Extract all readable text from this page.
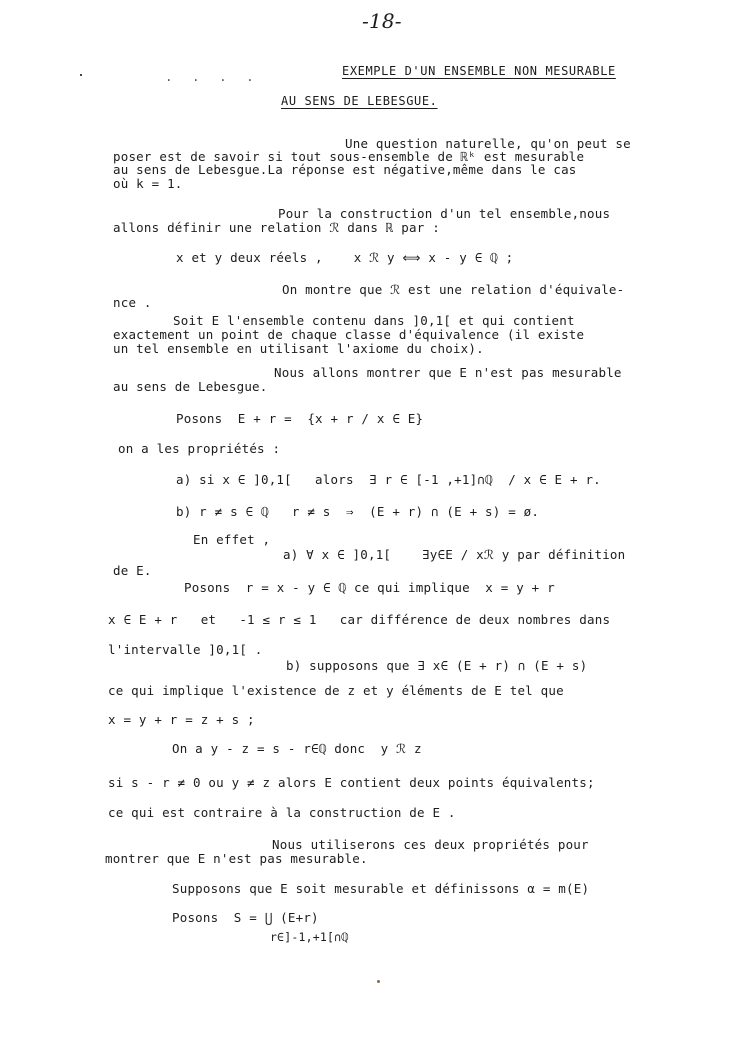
-18-
. . . .	EXEMPLE D'UN ENSEMBLE NON MESURABLE
AU SENS DE LEBESGUE.
Une question naturelle, qu'on peut se
poser est de savoir si tout sous-ensemble de ℝᵏ est mesurable
au sens de Lebesgue.La réponse est négative,même dans le cas
où k = 1.
Pour la construction d'un tel ensemble,nous
allons définir une relation ℛ dans ℝ par :
x et y deux réels ,    x ℛ y ⟺ x - y ∈ ℚ ;
On montre que ℛ est une relation d'équivale-
nce .
Soit E l'ensemble contenu dans ]0,1[ et qui contient
exactement un point de chaque classe d'équivalence (il existe
un tel ensemble en utilisant l'axiome du choix).
Nous allons montrer que E n'est pas mesurable
au sens de Lebesgue.
Posons  E + r =  {x + r / x ∈ E}
on a les propriétés :
a) si x ∈ ]0,1[   alors  ∃ r ∈ [-1 ,+1]∩ℚ  / x ∈ E + r.
b) r ≠ s ∈ ℚ   r ≠ s  ⇒  (E + r) ∩ (E + s) = ø.
En effet ,
a) ∀ x ∈ ]0,1[    ∃y∈E / xℛ y par définition
de E.
Posons  r = x - y ∈ ℚ ce qui implique  x = y + r
x ∈ E + r   et   -1 ≤ r ≤ 1   car différence de deux nombres dans
l'intervalle ]0,1[ .
b) supposons que ∃ x∈ (E + r) ∩ (E + s)
ce qui implique l'existence de z et y éléments de E tel que
x = y + r = z + s ;
On a y - z = s - r∈ℚ donc  y ℛ z
si s - r ≠ 0 ou y ≠ z alors E contient deux points équivalents;
ce qui est contraire à la construction de E .
Nous utiliserons ces deux propriétés pour
montrer que E n'est pas mesurable.
Supposons que E soit mesurable et définissons α = m(E)
Posons  S = ⋃ (E+r)
r∈]-1,+1[∩ℚ
